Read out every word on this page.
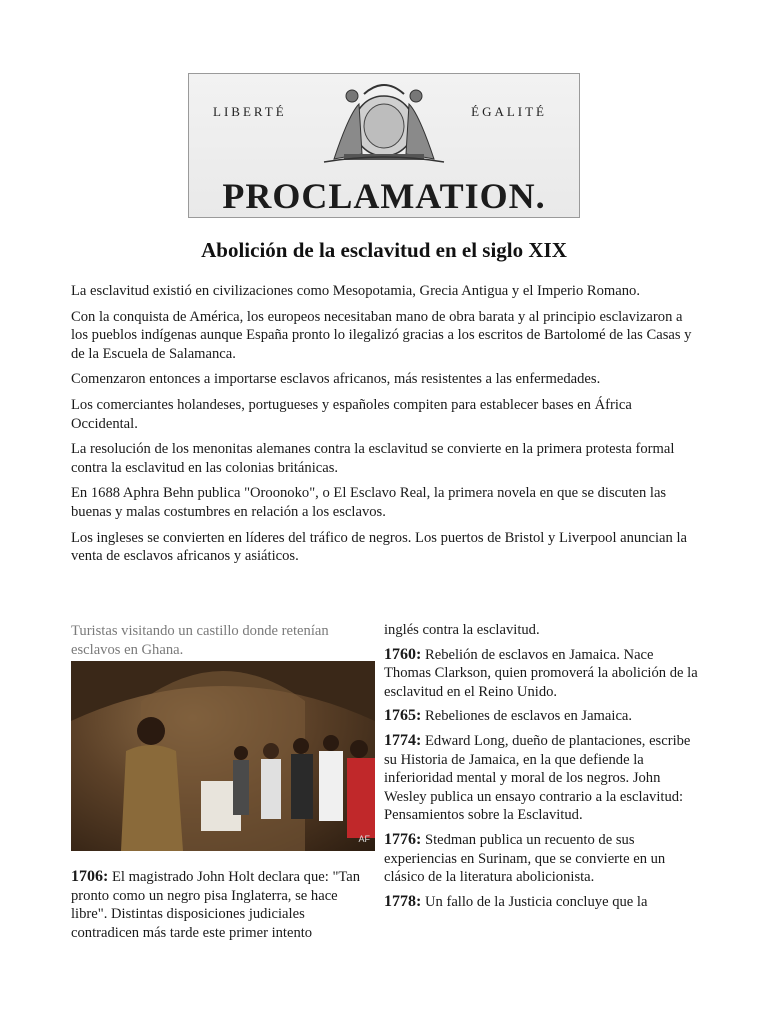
LIBERTÉ	ÉGALITÉ
PROCLAMATION.
Abolición de la esclavitud en el siglo XIX

La esclavitud existió en civilizaciones como Mesopotamia, Grecia Antigua y el Imperio Romano.

Con la conquista de América, los europeos necesitaban mano de obra barata y al principio esclavizaron a los pueblos indígenas aunque España pronto lo ilegalizó gracias a los escritos de Bartolomé de las Casas y de la Escuela de Salamanca.

Comenzaron entonces a importarse esclavos africanos, más resistentes a las enfermedades.

Los comerciantes holandeses, portugueses y españoles compiten para establecer bases en África Occidental.

La resolución de los menonitas alemanes contra la esclavitud se convierte en la primera protesta formal contra la esclavitud en las colonias británicas.

En 1688 Aphra Behn publica "Oroonoko", o El Esclavo Real, la primera novela en que se discuten las buenas y malas costumbres en relación a los esclavos.

Los ingleses se convierten en líderes del tráfico de negros. Los puertos de Bristol y Liverpool anuncian la venta de esclavos africanos y asiáticos.

Turistas visitando un castillo donde retenían esclavos en Ghana.

AF

1706: El magistrado John Holt declara que: "Tan pronto como un negro pisa Inglaterra, se hace libre". Distintas disposiciones judiciales contradicen más tarde este primer intento

inglés contra la esclavitud.

1760: Rebelión de esclavos en Jamaica. Nace Thomas Clarkson, quien promoverá la abolición de la esclavitud en el Reino Unido.

1765: Rebeliones de esclavos en Jamaica.

1774: Edward Long, dueño de plantaciones, escribe su Historia de Jamaica, en la que defiende la inferioridad mental y moral de los negros. John Wesley publica un ensayo contrario a la esclavitud: Pensamientos sobre la Esclavitud.

1776: Stedman publica un recuento de sus experiencias en Surinam, que se convierte en un clásico de la literatura abolicionista.

1778: Un fallo de la Justicia concluye que la
